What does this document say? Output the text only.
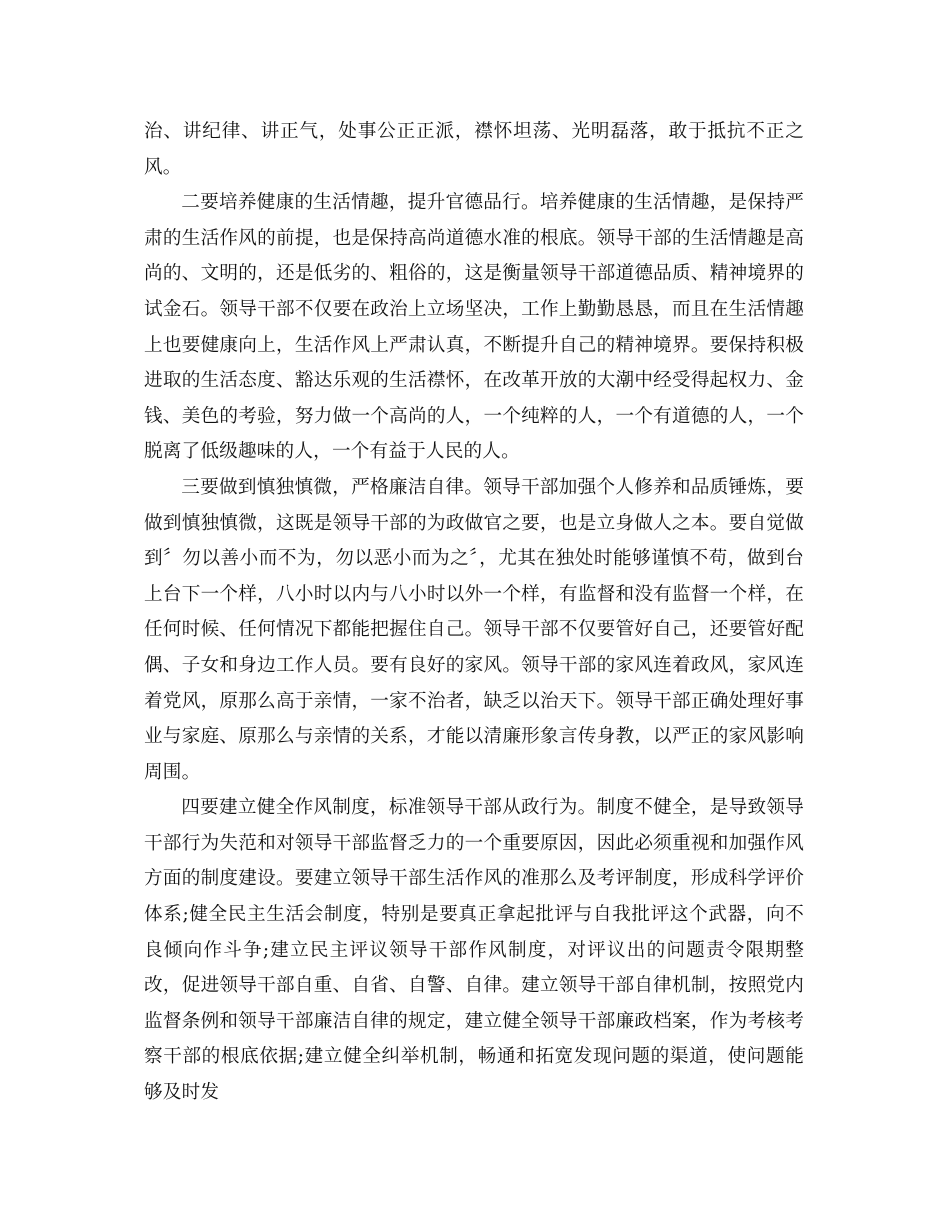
治、讲纪律、讲正气，处事公正正派，襟怀坦荡、光明磊落，敢于抵抗不正之风。

二要培养健康的生活情趣，提升官德品行。培养健康的生活情趣，是保持严肃的生活作风的前提，也是保持高尚道德水准的根底。领导干部的生活情趣是高尚的、文明的，还是低劣的、粗俗的，这是衡量领导干部道德品质、精神境界的试金石。领导干部不仅要在政治上立场坚决，工作上勤勤恳恳，而且在生活情趣上也要健康向上，生活作风上严肃认真，不断提升自己的精神境界。要保持积极进取的生活态度、豁达乐观的生活襟怀，在改革开放的大潮中经受得起权力、金钱、美色的考验，努力做一个高尚的人，一个纯粹的人，一个有道德的人，一个脱离了低级趣味的人，一个有益于人民的人。

三要做到慎独慎微，严格廉洁自律。领导干部加强个人修养和品质锤炼，要做到慎独慎微，这既是领导干部的为政做官之要，也是立身做人之本。要自觉做到〞勿以善小而不为，勿以恶小而为之〞，尤其在独处时能够谨慎不苟，做到台上台下一个样，八小时以内与八小时以外一个样，有监督和没有监督一个样，在任何时候、任何情况下都能把握住自己。领导干部不仅要管好自己，还要管好配偶、子女和身边工作人员。要有良好的家风。领导干部的家风连着政风，家风连着党风，原那么高于亲情，一家不治者，缺乏以治天下。领导干部正确处理好事业与家庭、原那么与亲情的关系，才能以清廉形象言传身教，以严正的家风影响周围。

四要建立健全作风制度，标准领导干部从政行为。制度不健全，是导致领导干部行为失范和对领导干部监督乏力的一个重要原因，因此必须重视和加强作风方面的制度建设。要建立领导干部生活作风的准那么及考评制度，形成科学评价体系;健全民主生活会制度，特别是要真正拿起批评与自我批评这个武器，向不良倾向作斗争;建立民主评议领导干部作风制度，对评议出的问题责令限期整改，促进领导干部自重、自省、自警、自律。建立领导干部自律机制，按照党内监督条例和领导干部廉洁自律的规定，建立健全领导干部廉政档案，作为考核考察干部的根底依据;建立健全纠举机制，畅通和拓宽发现问题的渠道，使问题能够及时发
